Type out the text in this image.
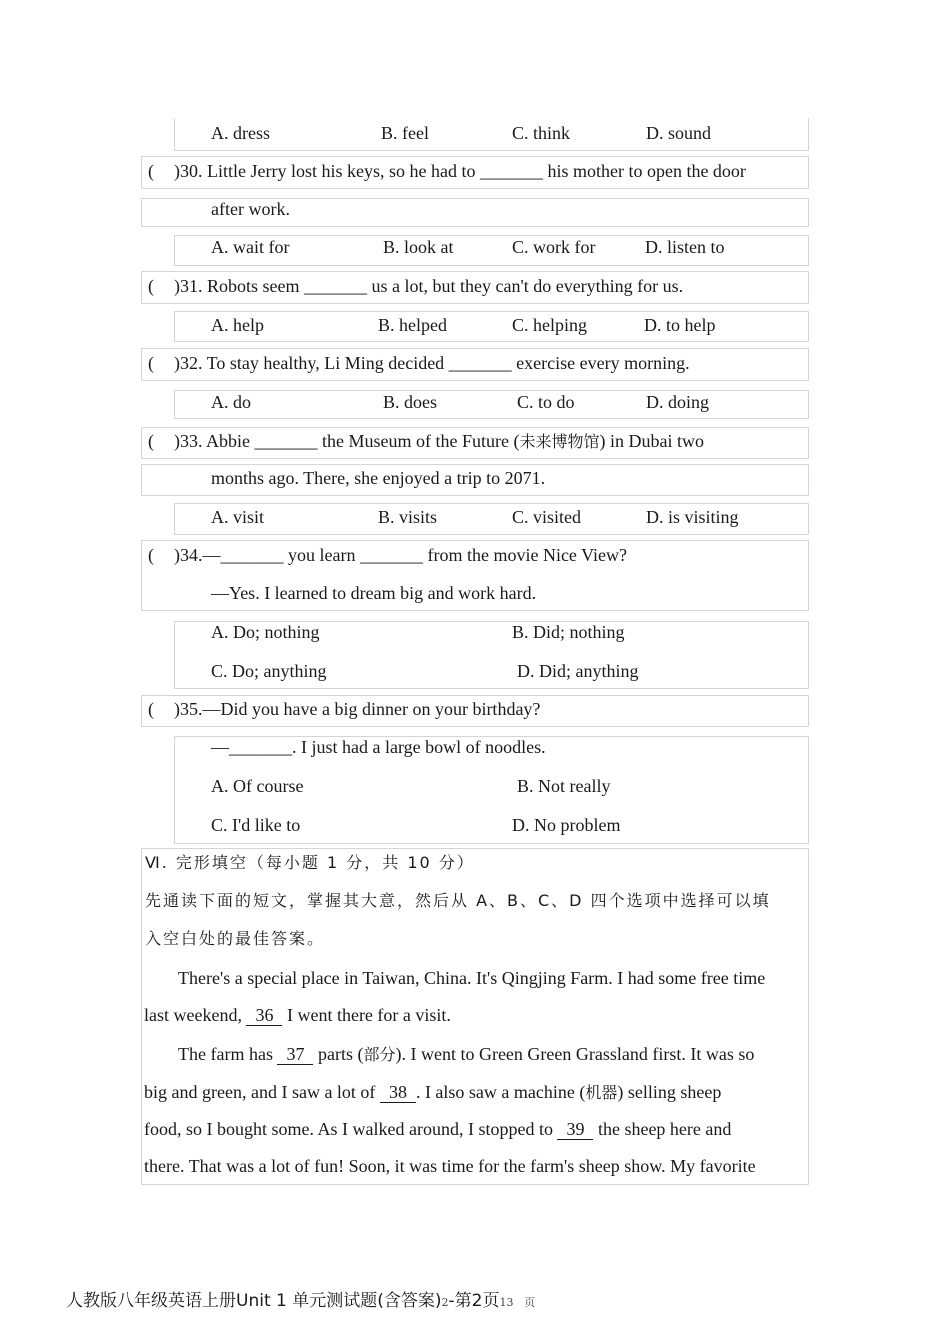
A. dress	B. feel	C. think	D. sound
( )30. Little Jerry lost his keys, so he had to _______ his mother to open the door
after work.
A. wait for	B. look at	C. work for	D. listen to
( )31. Robots seem _______ us a lot, but they can't do everything for us.
A. help	B. helped	C. helping	D. to help
( )32. To stay healthy, Li Ming decided _______ exercise every morning.
A. do	B. does	C. to do	D. doing
( )33. Abbie _______ the Museum of the Future (未来博物馆) in Dubai two
months ago. There, she enjoyed a trip to 2071.
A. visit	B. visits	C. visited	D. is visiting
( )34.—_______ you learn _______ from the movie Nice View?
—Yes. I learned to dream big and work hard.
A. Do; nothing	B. Did; nothing
C. Do; anything	D. Did; anything
( )35.—Did you have a big dinner on your birthday?
—_______. I just had a large bowl of noodles.
A. Of course	B. Not really
C. I'd like to	D. No problem
Ⅵ. 完形填空（每小题 1 分，共 10 分）
先通读下面的短文，掌握其大意，然后从 A、B、C、D 四个选项中选择可以填
入空白处的最佳答案。
There's a special place in Taiwan, China. It's Qingjing Farm. I had some free time
last weekend, 36 I went there for a visit.
The farm has 37 parts (部分). I went to Green Green Grassland first. It was so
big and green, and I saw a lot of 38 . I also saw a machine (机器) selling sheep
food, so I bought some. As I walked around, I stopped to 39 the sheep here and
there. That was a lot of fun! Soon, it was time for the farm's sheep show. My favorite
人教版八年级英语上册Unit 1 单元测试题(含答案)2-第2页13 页
